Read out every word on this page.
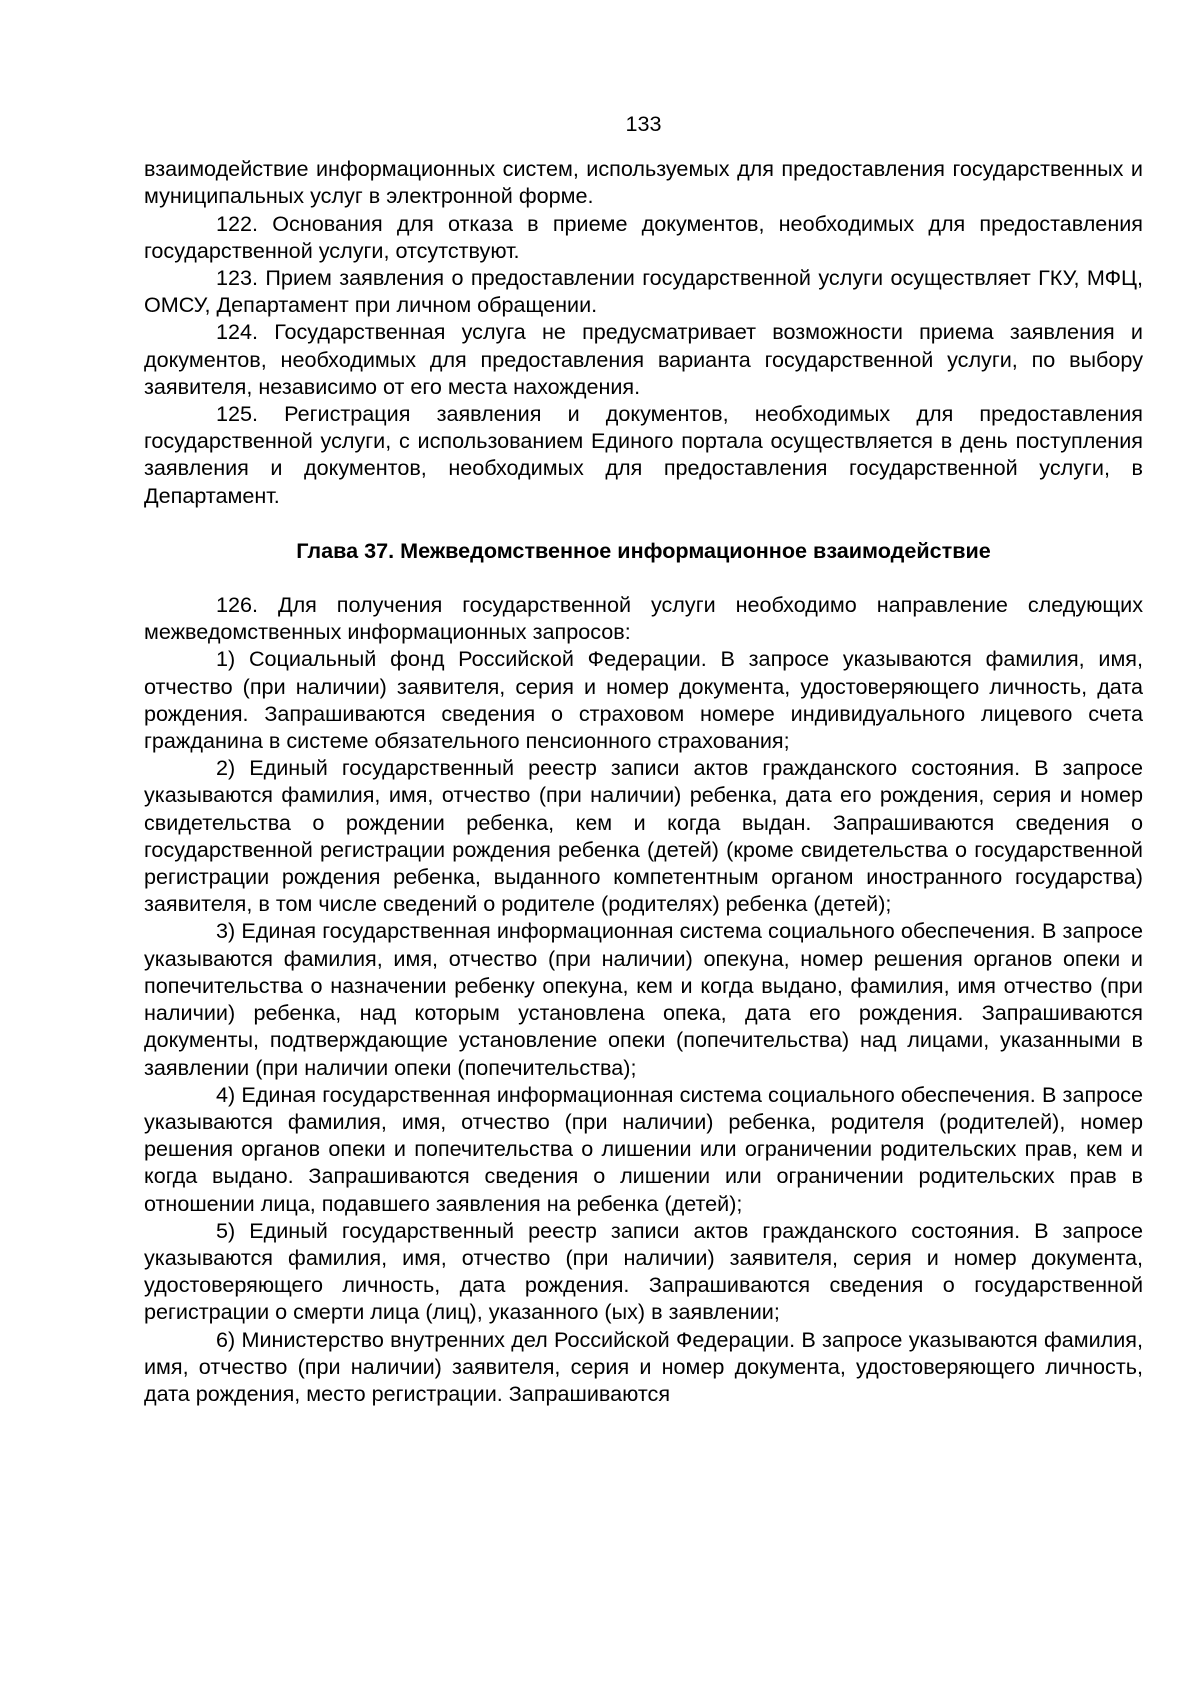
133

взаимодействие информационных систем, используемых для предоставления государственных и муниципальных услуг в электронной форме.

122. Основания для отказа в приеме документов, необходимых для предоставления государственной услуги, отсутствуют.

123. Прием заявления о предоставлении государственной услуги осуществляет ГКУ, МФЦ, ОМСУ, Департамент при личном обращении.

124. Государственная услуга не предусматривает возможности приема заявления и документов, необходимых для предоставления варианта государственной услуги, по выбору заявителя, независимо от его места нахождения.

125. Регистрация заявления и документов, необходимых для предоставления государственной услуги, с использованием Единого портала осуществляется в день поступления заявления и документов, необходимых для предоставления государственной услуги, в Департамент.

Глава 37. Межведомственное информационное взаимодействие

126. Для получения государственной услуги необходимо направление следующих межведомственных информационных запросов:

1) Социальный фонд Российской Федерации. В запросе указываются фамилия, имя, отчество (при наличии) заявителя, серия и номер документа, удостоверяющего личность, дата рождения. Запрашиваются сведения о страховом номере индивидуального лицевого счета гражданина в системе обязательного пенсионного страхования;

2) Единый государственный реестр записи актов гражданского состояния. В запросе указываются фамилия, имя, отчество (при наличии) ребенка, дата его рождения, серия и номер свидетельства о рождении ребенка, кем и когда выдан. Запрашиваются сведения о государственной регистрации рождения ребенка (детей) (кроме свидетельства о государственной регистрации рождения ребенка, выданного компетентным органом иностранного государства) заявителя, в том числе сведений о родителе (родителях) ребенка (детей);

3) Единая государственная информационная система социального обеспечения. В запросе указываются фамилия, имя, отчество (при наличии) опекуна, номер решения органов опеки и попечительства о назначении ребенку опекуна, кем и когда выдано, фамилия, имя отчество (при наличии) ребенка, над которым установлена опека, дата его рождения. Запрашиваются документы, подтверждающие установление опеки (попечительства) над лицами, указанными в заявлении (при наличии опеки (попечительства);

4) Единая государственная информационная система социального обеспечения. В запросе указываются фамилия, имя, отчество (при наличии) ребенка, родителя (родителей), номер решения органов опеки и попечительства о лишении или ограничении родительских прав, кем и когда выдано. Запрашиваются сведения о лишении или ограничении родительских прав в отношении лица, подавшего заявления на ребенка (детей);

5) Единый государственный реестр записи актов гражданского состояния. В запросе указываются фамилия, имя, отчество (при наличии) заявителя, серия и номер документа, удостоверяющего личность, дата рождения. Запрашиваются сведения о государственной регистрации о смерти лица (лиц), указанного (ых) в заявлении;

6) Министерство внутренних дел Российской Федерации. В запросе указываются фамилия, имя, отчество (при наличии) заявителя, серия и номер документа, удостоверяющего личность, дата рождения, место регистрации. Запрашиваются
